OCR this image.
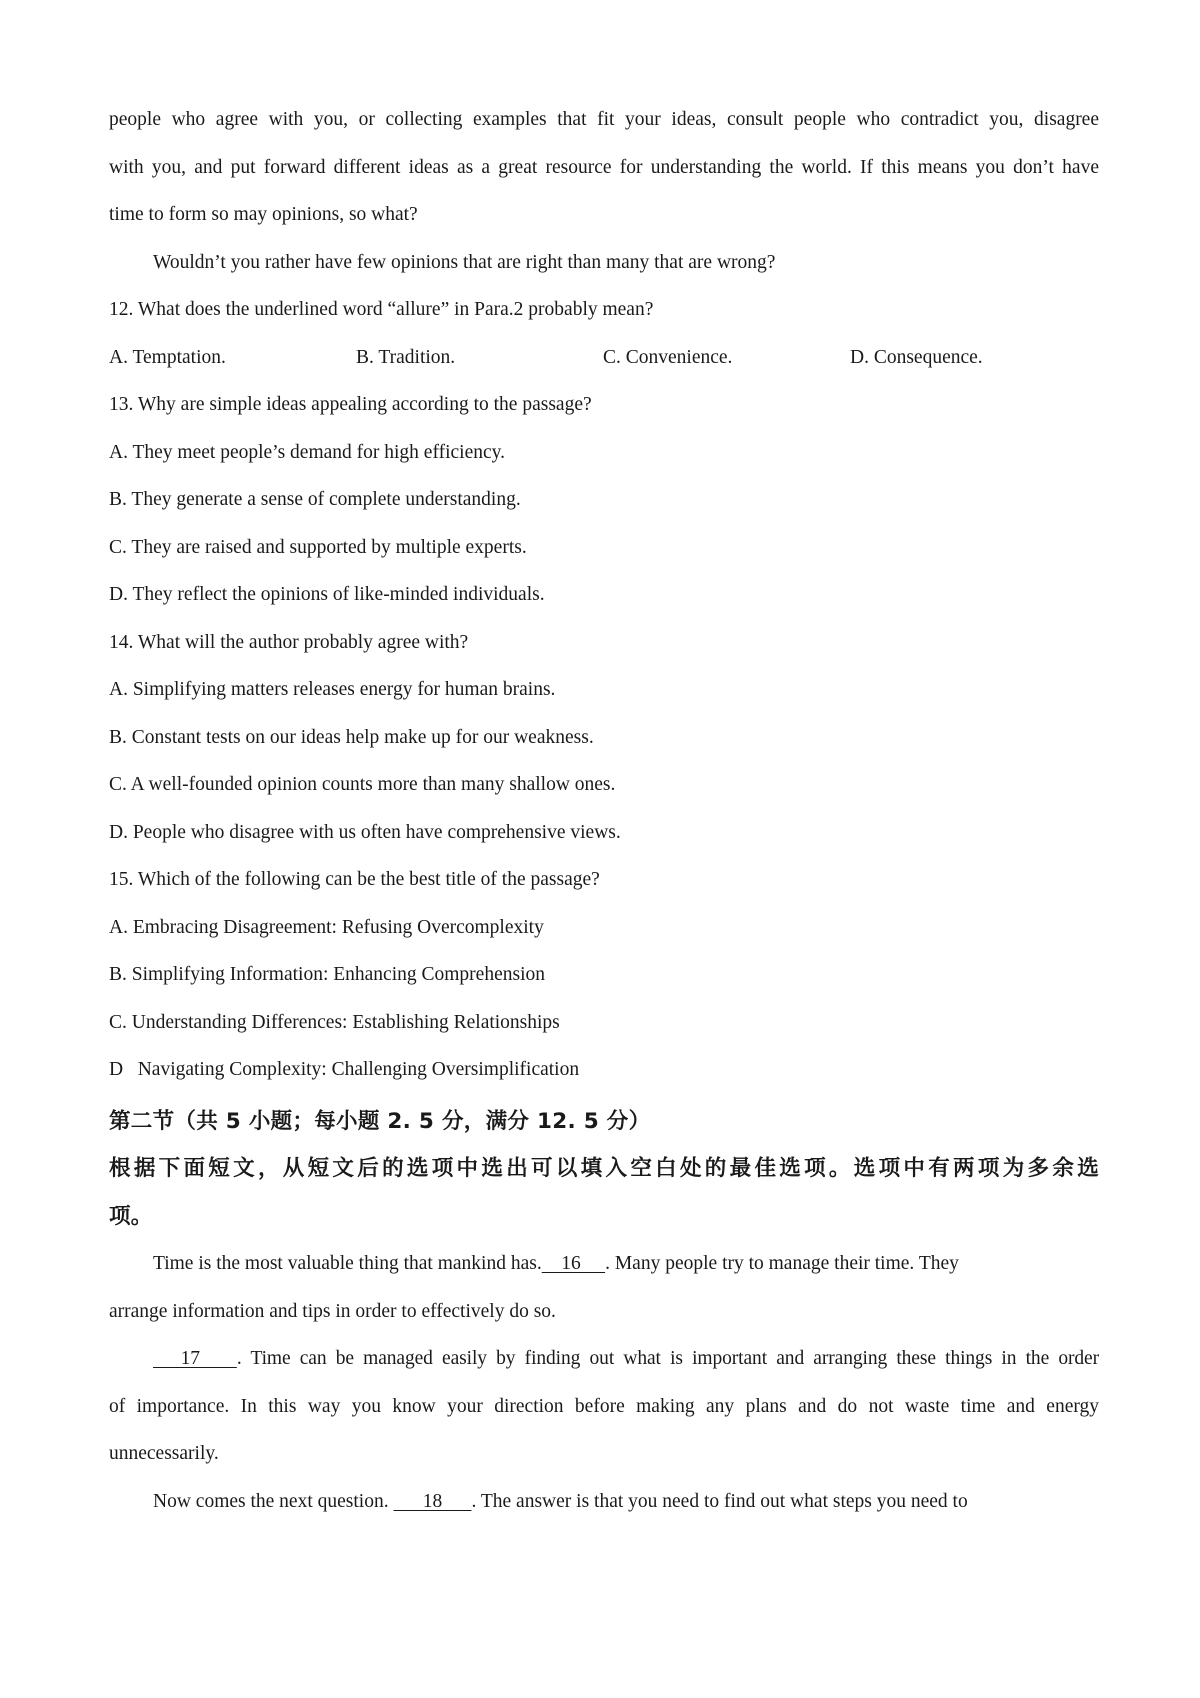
people who agree with you, or collecting examples that fit your ideas, consult people who contradict you, disagree
with you, and put forward different ideas as a great resource for understanding the world. If this means you don’t have
time to form so may opinions, so what?
Wouldn’t you rather have few opinions that are right than many that are wrong?
12. What does the underlined word “allure” in Para.2 probably mean?
A. Temptation.	B. Tradition.	C. Convenience.	D. Consequence.
13. Why are simple ideas appealing according to the passage?
A. They meet people’s demand for high efficiency.
B. They generate a sense of complete understanding.
C. They are raised and supported by multiple experts.
D. They reflect the opinions of like-minded individuals.
14. What will the author probably agree with?
A. Simplifying matters releases energy for human brains.
B. Constant tests on our ideas help make up for our weakness.
C. A well-founded opinion counts more than many shallow ones.
D. People who disagree with us often have comprehensive views.
15. Which of the following can be the best title of the passage?
A. Embracing Disagreement: Refusing Overcomplexity
B. Simplifying Information: Enhancing Comprehension
C. Understanding Differences: Establishing Relationships
D   Navigating Complexity: Challenging Oversimplification
第二节（共 5 小题；每小题 2. 5 分，满分 12. 5 分）
根据下面短文，从短文后的选项中选出可以填入空白处的最佳选项。选项中有两项为多余选
项。
Time is the most valuable thing that mankind has.    16     . Many people try to manage their time. They
arrange information and tips in order to effectively do so.
17    . Time can be managed easily by finding out what is important and arranging these things in the order
of importance. In this way you know your direction before making any plans and do not waste time and energy
unnecessarily.
Now comes the next question.       18      . The answer is that you need to find out what steps you need to
